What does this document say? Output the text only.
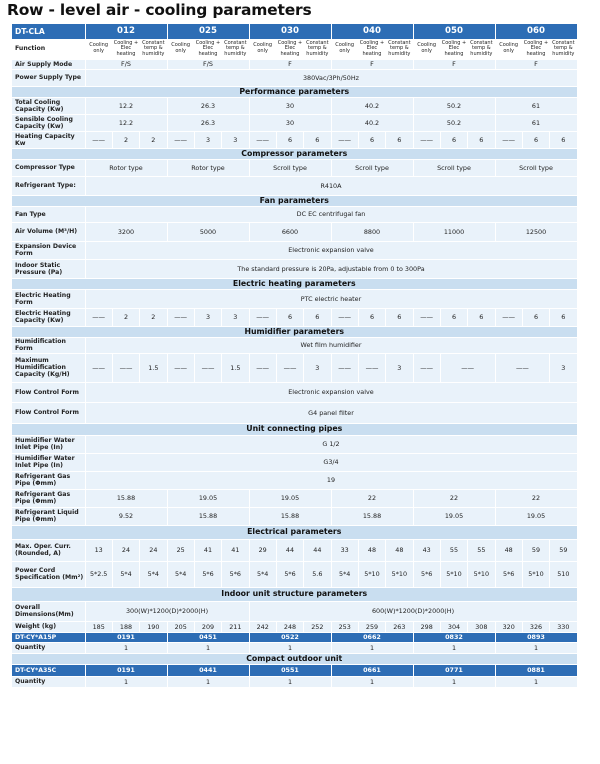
Row - level air - cooling parameters
DT-CLA	012			025			030			040			050			060		
Function	Cooling only	Cooling + Elec heating	Constant temp & humidity	Cooling only	Cooling + Elec heating	Constant temp & humidity	Cooling only	Cooling + Elec heating	Constant temp & humidity	Cooling only	Cooling + Elec heating	Constant temp & humidity	Cooling only	Cooling + Elec heating	Constant temp & humidity	Cooling only	Cooling + Elec heating	Constant temp & humidity
Air Supply Mode	F/S			F/S			F			F			F			F		
Power Supply Type	380Vac/3Ph/50Hz																	
Performance parameters																		
Total Cooling Capacity (Kw)	12.2			26.3			30			40.2			50.2			61		
Sensible Cooling Capacity (Kw)	12.2			26.3			30			40.2			50.2			61		
Heating Capacity Kw	——	2	2	——	3	3	——	6	6	——	6	6	——	6	6	——	6	6
Compressor parameters																		
Compressor Type	Rotor type			Rotor type			Scroll type			Scroll type			Scroll type			Scroll type		
Refrigerant Type:	R410A																	
Fan parameters																		
Fan Type	DC EC centrifugal fan																	
Air Volume (M³/H)	3200			5000			6600			8800			11000			12500		
Expansion Device Form	Electronic expansion valve																	
Indoor Static Pressure (Pa)	The standard pressure is 20Pa, adjustable from 0 to 300Pa																	
Electric heating parameters																		
Electric Heating Form	PTC electric heater																	
Electric Heating Capacity (Kw)	——	2	2	——	3	3	——	6	6	——	6	6	——	6	6	——	6	6
Humidifier parameters																		
Humidification Form	Wet film humidifier																	
Maximum Humidification Capacity (Kg/H)	——	——	1.5	——	——	1.5	——	——	3	——	——	3	——	——		——		3
Flow Control Form	Electronic expansion valve																	
Flow Control Form	G4 panel filter																	
Unit connecting pipes																		
Humidifier Water Inlet Pipe (In)	G 1/2																	
Humidifier Water Inlet Pipe (In)	G3/4																	
Refrigerant Gas Pipe (Φmm)	19																	
Refrigerant Gas Pipe (Φmm)	15.88			19.05			19.05			22			22			22		
Refrigerant Liquid Pipe (Φmm)	9.52			15.88			15.88			15.88			19.05			19.05		
Electrical parameters																		
Max. Oper. Curr. (Rounded, A)	13	24	24	25	41	41	29	44	44	33	48	48	43	55	55	48	59	59
Power Cord Specification (Mm²)	5*2.5	5*4	5*4	5*4	5*6	5*6	5*4	5*6	5.6	5*4	5*10	5*10	5*6	5*10	5*10	5*6	5*10	510
Indoor unit structure parameters																		
Overall Dimensions(Mm)	300(W)*1200(D)*2000(H)						600(W)*1200(D)*2000(H)											
Weight (kg)	185	188	190	205	209	211	242	248	252	253	259	263	298	304	308	320	326	330
DT-CY*A15P	0191			0451			0522			0662			0832			0893		
Quantity	1			1			1			1			1			1		
Compact outdoor unit																		
DT-CY*A35C	0191			0441			0551			0661			0771			0881		
Quantity	1			1			1			1			1			1		
